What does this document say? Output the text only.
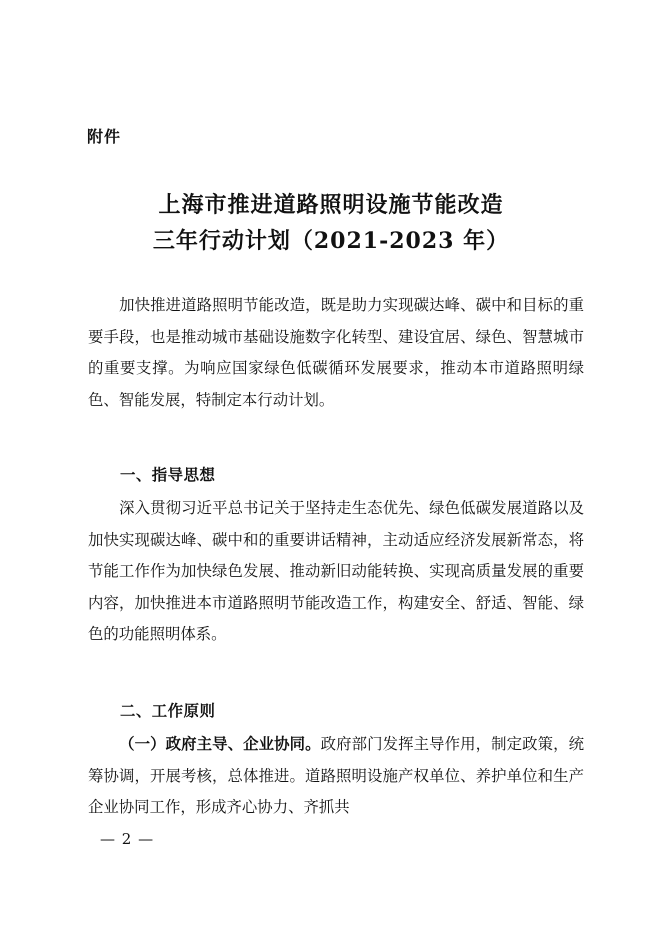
附件
上海市推进道路照明设施节能改造
三年行动计划（2021-2023 年）
加快推进道路照明节能改造，既是助力实现碳达峰、碳中和目标的重要手段，也是推动城市基础设施数字化转型、建设宜居、绿色、智慧城市的重要支撑。为响应国家绿色低碳循环发展要求，推动本市道路照明绿色、智能发展，特制定本行动计划。
一、指导思想
深入贯彻习近平总书记关于坚持走生态优先、绿色低碳发展道路以及加快实现碳达峰、碳中和的重要讲话精神，主动适应经济发展新常态，将节能工作作为加快绿色发展、推动新旧动能转换、实现高质量发展的重要内容，加快推进本市道路照明节能改造工作，构建安全、舒适、智能、绿色的功能照明体系。
二、工作原则
（一）政府主导、企业协同。政府部门发挥主导作用，制定政策，统筹协调，开展考核，总体推进。道路照明设施产权单位、养护单位和生产企业协同工作，形成齐心协力、齐抓共
— 2 —
